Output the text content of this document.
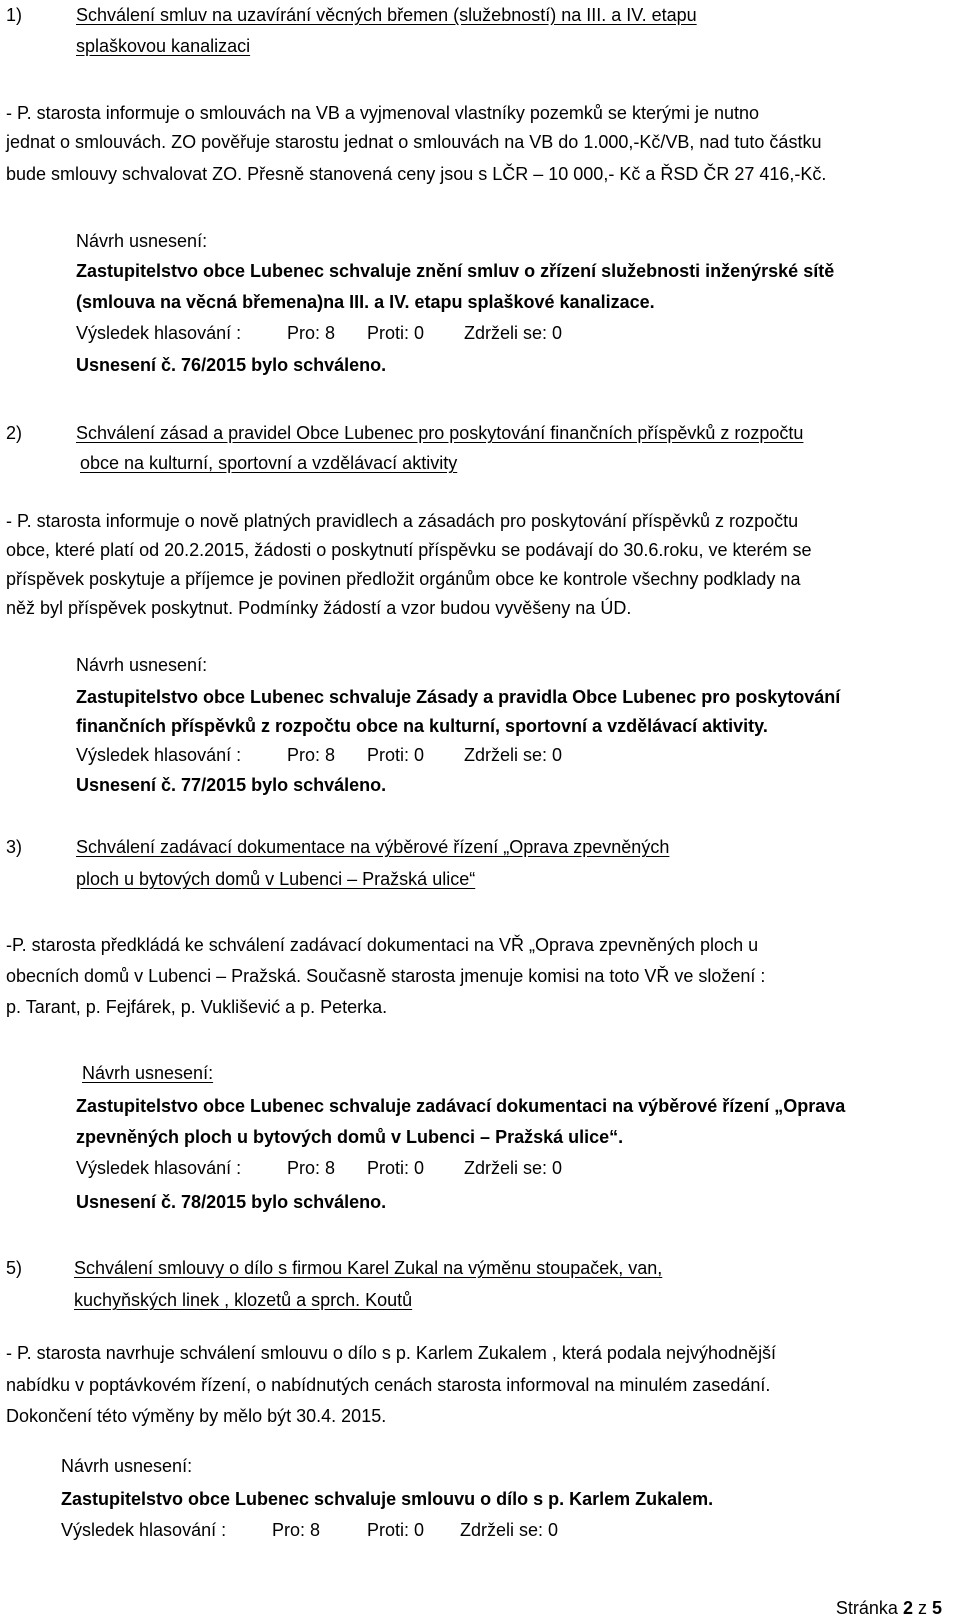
1)	Schválení smluv na uzavírání věcných břemen (služebností) na III. a IV. etapu
splaškovou kanalizaci
- P. starosta informuje o smlouvách na VB a vyjmenoval vlastníky pozemků se kterými je nutno
jednat o smlouvách. ZO pověřuje starostu jednat o smlouvách na VB do 1.000,-Kč/VB, nad tuto částku
bude smlouvy schvalovat ZO. Přesně stanovená ceny jsou s LČR – 10 000,- Kč a ŘSD ČR 27 416,-Kč.
Návrh usnesení:
Zastupitelstvo obce Lubenec schvaluje znění smluv o zřízení služebnosti inženýrské sítě
(smlouva na věcná břemena)na III. a IV. etapu splaškové kanalizace.
Výsledek hlasování :	Pro: 8 Proti: 0 Zdrželi se: 0
Usnesení č. 76/2015 bylo schváleno.
2)	Schválení zásad a pravidel Obce Lubenec pro poskytování finančních příspěvků z rozpočtu
obce na kulturní, sportovní a vzdělávací aktivity
- P. starosta informuje o nově platných pravidlech a zásadách pro poskytování příspěvků z rozpočtu
obce, které platí od 20.2.2015, žádosti o poskytnutí příspěvku se podávají do 30.6.roku, ve kterém se
příspěvek poskytuje a příjemce je povinen předložit orgánům obce ke kontrole všechny podklady na
něž byl příspěvek poskytnut. Podmínky žádostí a vzor budou vyvěšeny na ÚD.
Návrh usnesení:
Zastupitelstvo obce Lubenec schvaluje Zásady a pravidla Obce Lubenec pro poskytování
finančních příspěvků z rozpočtu obce na kulturní, sportovní a vzdělávací aktivity.
Výsledek hlasování :	Pro: 8 Proti: 0 Zdrželi se: 0
Usnesení č. 77/2015 bylo schváleno.
3)	Schválení zadávací dokumentace na výběrové řízení „Oprava zpevněných
ploch u bytových domů v Lubenci – Pražská ulice“
-P. starosta předkládá ke schválení zadávací dokumentaci na VŘ „Oprava zpevněných ploch u
obecních domů v Lubenci – Pražská. Současně starosta jmenuje komisi na toto VŘ ve složení :
p. Tarant, p. Fejfárek, p. Vuklišević a p. Peterka.
Návrh usnesení:
Zastupitelstvo obce Lubenec schvaluje zadávací dokumentaci na výběrové řízení „Oprava
zpevněných ploch u bytových domů v Lubenci – Pražská ulice“.
Výsledek hlasování :	Pro: 8 Proti: 0 Zdrželi se: 0
Usnesení č. 78/2015 bylo schváleno.
5)	Schválení smlouvy o dílo s firmou Karel Zukal na výměnu stoupaček, van,
kuchyňských linek , klozetů a sprch. Koutů
- P. starosta navrhuje schválení smlouvu o dílo s p. Karlem Zukalem , která podala nejvýhodnější
nabídku v poptávkovém řízení, o nabídnutých cenách starosta informoval na minulém zasedání.
Dokončení této výměny by mělo být 30.4. 2015.
Návrh usnesení:
Zastupitelstvo obce Lubenec schvaluje smlouvu o dílo s p. Karlem Zukalem.
Výsledek hlasování :	Pro: 8	Proti: 0 Zdrželi se: 0
Stránka 2 z 5
